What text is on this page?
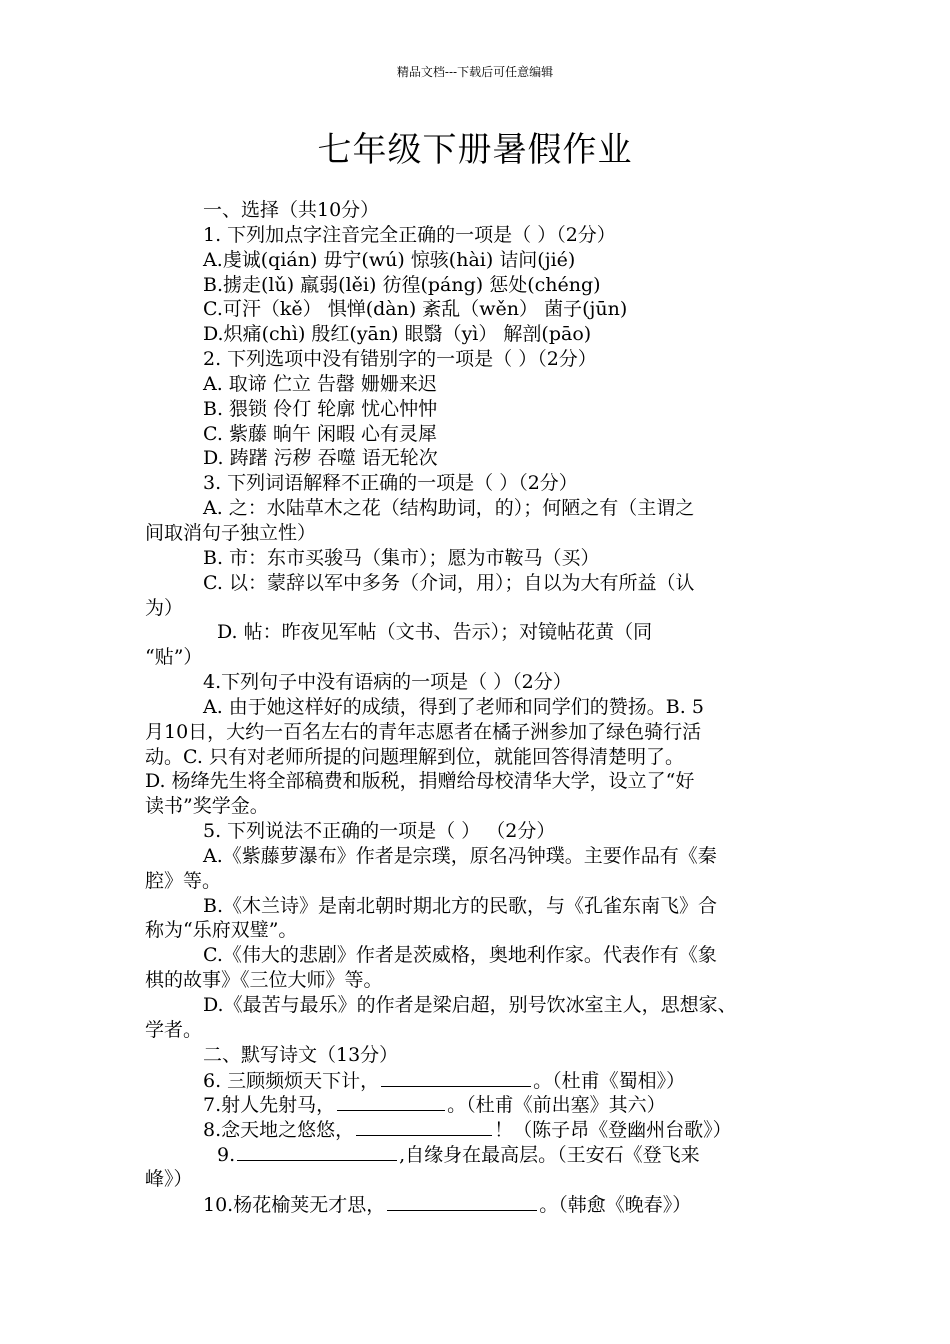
精品文档---下载后可任意编辑
七年级下册暑假作业
一、选择（共10分）
1. 下列加点字注音完全正确的一项是（ ）（2分）
A.虔诚(qián) 毋宁(wú) 惊骇(hài) 诘问(jié)
B.掳走(lǔ) 羸弱(lěi) 彷徨(páng) 惩处(chéng)
C.可汗（kě） 惧惮(dàn) 紊乱（wěn） 菌子(jūn)
D.炽痛(chì) 殷红(yān) 眼翳（yì） 解剖(pāo)
2. 下列选项中没有错别字的一项是（ ）（2分）
A. 取谛 伫立 告罄 姗姗来迟
B. 猥锁 伶仃 轮廓 忧心忡忡
C. 紫藤 晌午 闲暇 心有灵犀
D. 踌躇 污秽 吞噬 语无轮次
3. 下列词语解释不正确的一项是（ ）（2分）
A. 之：水陆草木之花（结构助词，的）；何陋之有（主谓之
间取消句子独立性）
B. 市：东市买骏马（集市）；愿为市鞍马（买）
C. 以：蒙辞以军中多务（介词，用）；自以为大有所益（认
为）
D. 帖：昨夜见军帖（文书、告示）；对镜帖花黄（同
“贴”）
4.下列句子中没有语病的一项是（ ）（2分）
A. 由于她这样好的成绩，得到了老师和同学们的赞扬。B. 5
月10日，大约一百名左右的青年志愿者在橘子洲参加了绿色骑行活
动。C. 只有对老师所提的问题理解到位，就能回答得清楚明了。
D. 杨绛先生将全部稿费和版税，捐赠给母校清华大学，设立了“好
读书”奖学金。
5. 下列说法不正确的一项是（ ） （2分）
A.《紫藤萝瀑布》作者是宗璞，原名冯钟璞。主要作品有《秦
腔》等。
B.《木兰诗》是南北朝时期北方的民歌，与《孔雀东南飞》合
称为“乐府双璧”。
C.《伟大的悲剧》作者是茨威格，奥地利作家。代表作有《象
棋的故事》《三位大师》等。
D.《最苦与最乐》的作者是梁启超，别号饮冰室主人，思想家、
学者。
二、默写诗文（13分）
6. 三顾频烦天下计，	。（杜甫《蜀相》）
7.射人先射马，	。（杜甫《前出塞》其六）
8.念天地之悠悠，	！（陈子昂《登幽州台歌》）
9.	,自缘身在最高层。（王安石《登飞来
峰》）
10.杨花榆荚无才思，	。（韩愈《晚春》）
